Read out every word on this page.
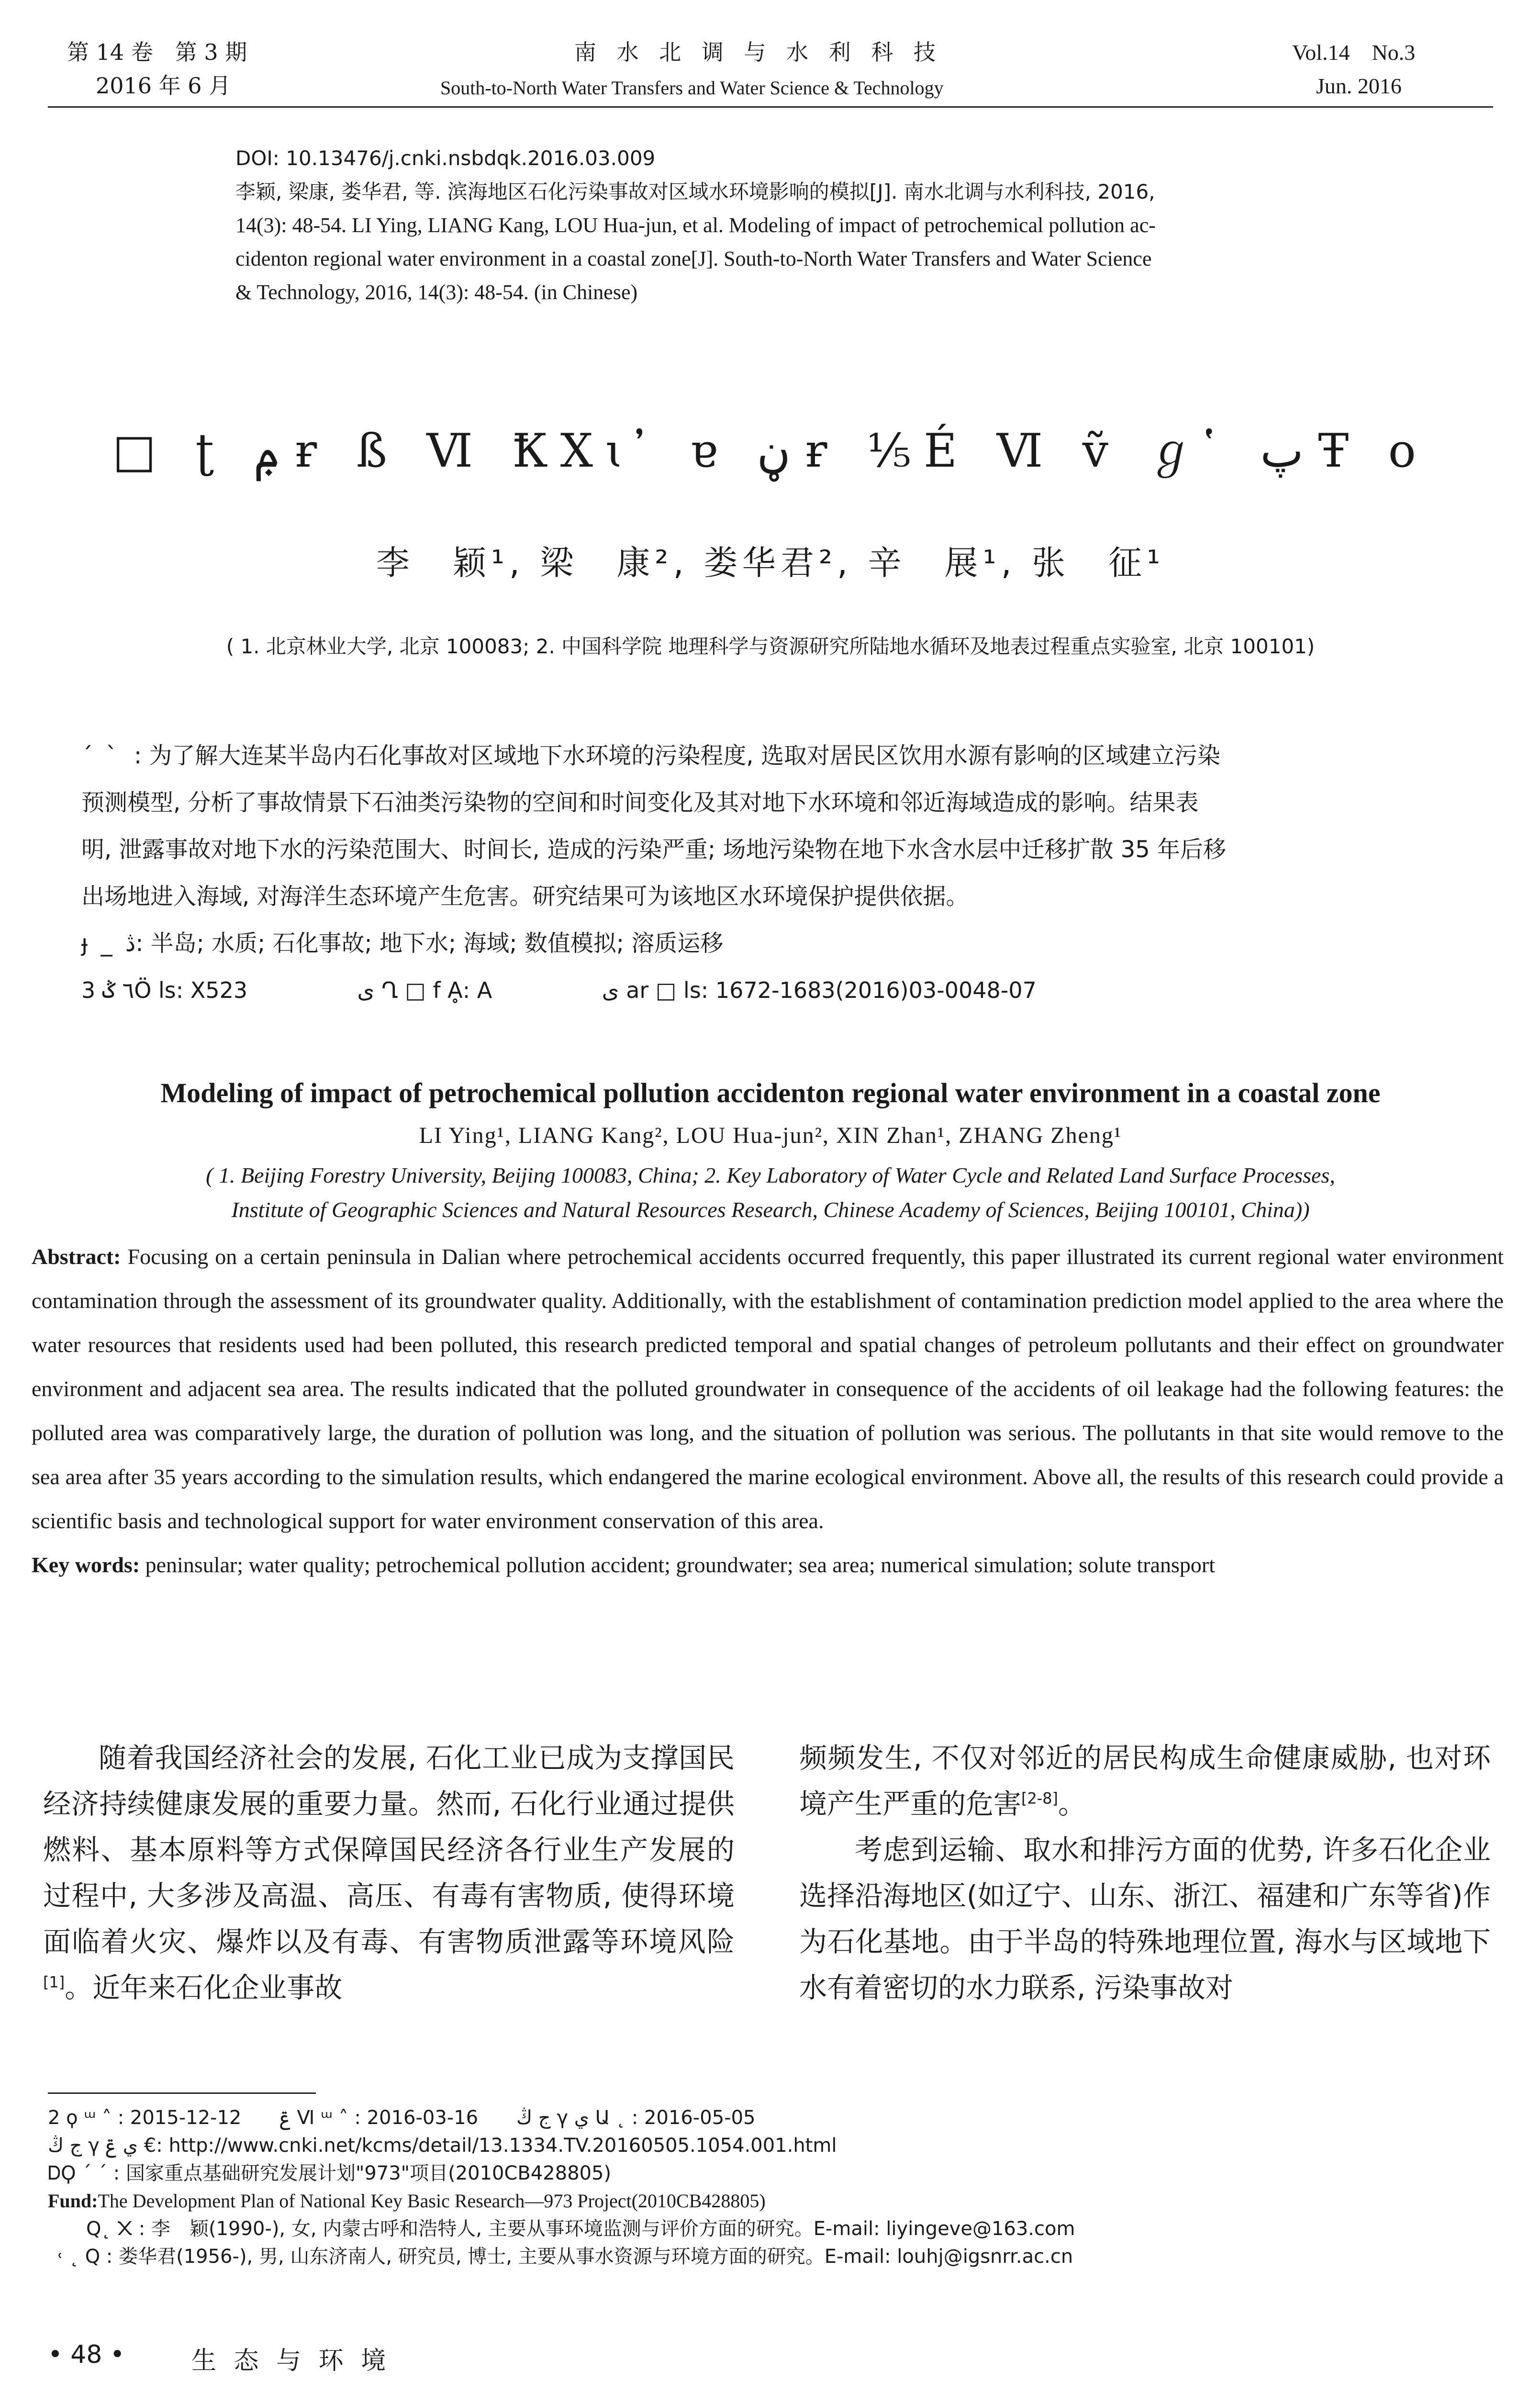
第 14 卷　第 3 期
2016 年 6 月
南 水 北 调 与 水 利 科 技
South-to-North Water Transfers and Water Science & Technology
Vol.14　No.3
Jun. 2016
DOI: 10.13476/j.cnki.nsbdqk.2016.03.009
李颖, 梁康, 娄华君, 等. 滨海地区石化污染事故对区域水环境影响的模拟[J]. 南水北调与水利科技, 2016,
14(3): 48-54. LI Ying, LIANG Kang, LOU Hua-jun, et al. Modeling of impact of petrochemical pollution ac-
cidenton regional water environment in a coastal zone[J]. South-to-North Water Transfers and Water Science
& Technology, 2016, 14(3): 48-54. (in Chinese)
□ ʈ ݦ ɍ ß Ⅵ ꝀXɩ ̓ ɐ ڼ ɍ ⅕É Ⅵ ṽ ℊ ̔ ﭖ Ŧ o
李　颖¹, 梁　康², 娄华君², 辛　展¹, 张　征¹
( 1. 北京林业大学, 北京 100083; 2. 中国科学院 地理科学与资源研究所陆地水循环及地表过程重点实验室, 北京 100101)
ˊ ˋ : 为了解大连某半岛内石化事故对区域地下水环境的污染程度, 选取对居民区饮用水源有影响的区域建立污染
预测模型, 分析了事故情景下石油类污染物的空间和时间变化及其对地下水环境和邻近海域造成的影响。结果表
明, 泄露事故对地下水的污染范围大、时间长, 造成的污染严重; 场地污染物在地下水含水层中迁移扩散 35 年后移
出场地进入海域, 对海洋生态环境产生危害。研究结果可为该地区水环境保护提供依据。
ɟ _ ڎ: 半岛; 水质; 石化事故; 地下水; 海域; 数值模拟; 溶质运移
3 ٦ ݣÖ ls: X523	ى Ղ □ f Ḁ: A	ى ar □ ls: 1672-1683(2016)03-0048-07
Modeling of impact of petrochemical pollution accidenton regional water environment in a coastal zone
LI Ying¹, LIANG Kang², LOU Hua-jun², XIN Zhan¹, ZHANG Zheng¹
( 1. Beijing Forestry University, Beijing 100083, China; 2. Key Laboratory of Water Cycle and Related Land Surface Processes,
Institute of Geographic Sciences and Natural Resources Research, Chinese Academy of Sciences, Beijing 100101, China))
Abstract: Focusing on a certain peninsula in Dalian where petrochemical accidents occurred frequently, this paper illustrated its current regional water environment contamination through the assessment of its groundwater quality. Additionally, with the establishment of contamination prediction model applied to the area where the water resources that residents used had been polluted, this research predicted temporal and spatial changes of petroleum pollutants and their effect on groundwater environment and adjacent sea area. The results indicated that the polluted groundwater in consequence of the accidents of oil leakage had the following features: the polluted area was comparatively large, the duration of pollution was long, and the situation of pollution was serious. The pollutants in that site would remove to the sea area after 35 years according to the simulation results, which endangered the marine ecological environment. Above all, the results of this research could provide a scientific basis and technological support for water environment conservation of this area.
Key words: peninsular; water quality; petrochemical pollution accident; groundwater; sea area; numerical simulation; solute transport

随着我国经济社会的发展, 石化工业已成为支撑国民经济持续健康发展的重要力量。然而, 石化行业通过提供燃料、基本原料等方式保障国民经济各行业生产发展的过程中, 大多涉及高温、高压、有毒有害物质, 使得环境面临着火灾、爆炸以及有毒、有害物质泄露等环境风险[1]。近年来石化企业事故

频频发生, 不仅对邻近的居民构成生命健康威胁, 也对环境产生严重的危害[2-8]。

考虑到运输、取水和排污方面的优势, 许多石化企业选择沿海地区(如辽宁、山东、浙江、福建和广东等省)作为石化基地。由于半岛的特殊地理位置, 海水与区域地下水有着密切的水力联系, 污染事故对

2 ϙ ᵚ ˄ : 2015-12-12　　ݝ Ⅵ ᵚ ˄ : 2016-03-16　　ج ڭ γ ي Ա ˛ : 2016-05-05
ج ڭ γ ي ݝ €: http://www.cnki.net/kcms/detail/13.1334.TV.20160505.1054.001.html
ᎠϘ ˊ ˊ : 国家重点基础研究发展计划"973"项目(2010CB428805)
Fund:The Development Plan of National Key Basic Research—973 Project(2010CB428805)
Q˛ ᙭ : 李　颖(1990-), 女, 内蒙古呼和浩特人, 主要从事环境监测与评价方面的研究。E-mail: liyingeve@163.com
˓ ˛ Q : 娄华君(1956-), 男, 山东济南人, 研究员, 博士, 主要从事水资源与环境方面的研究。E-mail: louhj@igsnrr.ac.cn
• 48 •	生 态 与 环 境
